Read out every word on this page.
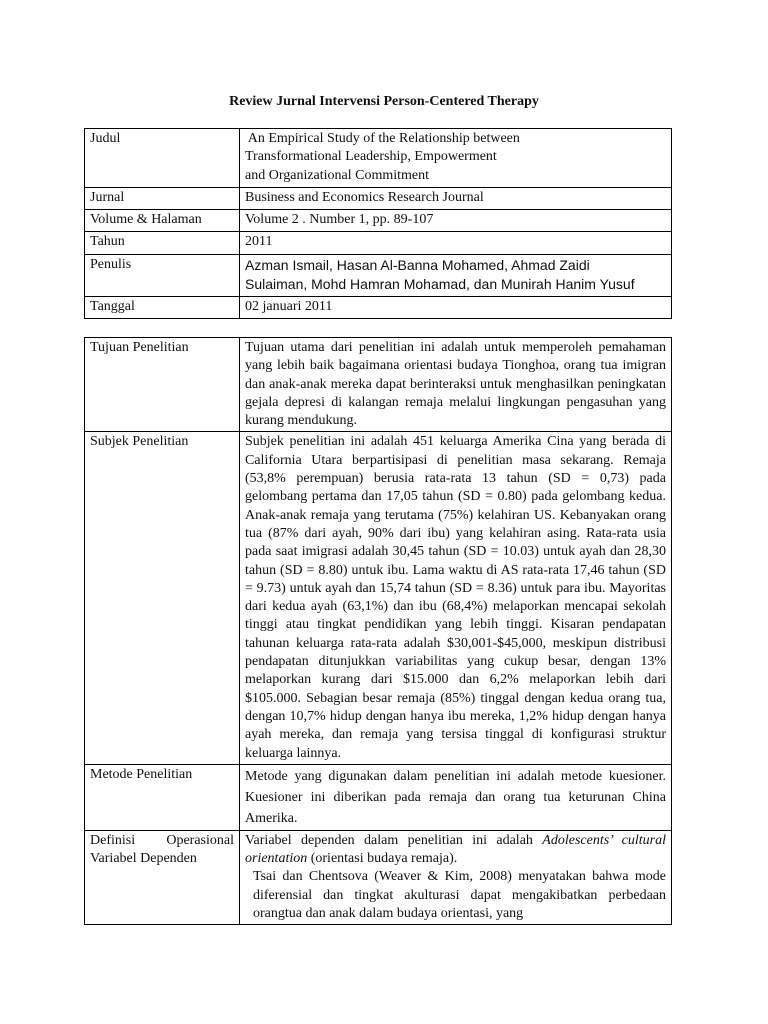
Review Jurnal Intervensi Person-Centered Therapy
Judul	An Empirical Study of the Relationship between
Transformational Leadership, Empowerment
and Organizational Commitment

Jurnal	Business and Economics Research Journal
Volume & Halaman	Volume 2 . Number 1, pp. 89-107
Tahun	2011
Penulis	Azman Ismail, Hasan Al-Banna Mohamed, Ahmad Zaidi
Sulaiman, Mohd Hamran Mohamad, dan Munirah Hanim Yusuf

Tanggal	02 januari 2011
Tujuan Penelitian	Tujuan utama dari penelitian ini adalah untuk memperoleh pemahaman yang lebih baik bagaimana orientasi budaya Tionghoa, orang tua imigran dan anak-anak mereka dapat berinteraksi untuk menghasilkan peningkatan gejala depresi di kalangan remaja melalui lingkungan pengasuhan yang kurang mendukung.
Subjek Penelitian	Subjek penelitian ini adalah 451 keluarga Amerika Cina yang berada di California Utara berpartisipasi di penelitian masa sekarang. Remaja (53,8% perempuan) berusia rata-rata 13 tahun (SD = 0,73) pada gelombang pertama dan 17,05 tahun (SD = 0.80) pada gelombang kedua. Anak-anak remaja yang terutama (75%) kelahiran US. Kebanyakan orang tua (87% dari ayah, 90% dari ibu) yang kelahiran asing. Rata-rata usia pada saat imigrasi adalah 30,45 tahun (SD = 10.03) untuk ayah dan 28,30 tahun (SD = 8.80) untuk ibu. Lama waktu di AS rata-rata 17,46 tahun (SD = 9.73) untuk ayah dan 15,74 tahun (SD = 8.36) untuk para ibu. Mayoritas dari kedua ayah (63,1%) dan ibu (68,4%) melaporkan mencapai sekolah tinggi atau tingkat pendidikan yang lebih tinggi. Kisaran pendapatan tahunan keluarga rata-rata adalah $30,001-$45,000, meskipun distribusi pendapatan ditunjukkan variabilitas yang cukup besar, dengan 13% melaporkan kurang dari $15.000 dan 6,2% melaporkan lebih dari $105.000. Sebagian besar remaja (85%) tinggal dengan kedua orang tua, dengan 10,7% hidup dengan hanya ibu mereka, 1,2% hidup dengan hanya ayah mereka, dan remaja yang tersisa tinggal di konfigurasi struktur keluarga lainnya.
Metode Penelitian	Metode yang digunakan dalam penelitian ini adalah metode kuesioner. Kuesioner ini diberikan pada remaja dan orang tua keturunan China Amerika.
Definisi Operasional Variabel Dependen	Variabel dependen dalam penelitian ini adalah Adolescents’ cultural orientation (orientasi budaya remaja).
Tsai dan Chentsova (Weaver & Kim, 2008) menyatakan bahwa mode diferensial dan tingkat akulturasi dapat mengakibatkan perbedaan orangtua dan anak dalam budaya orientasi, yang
